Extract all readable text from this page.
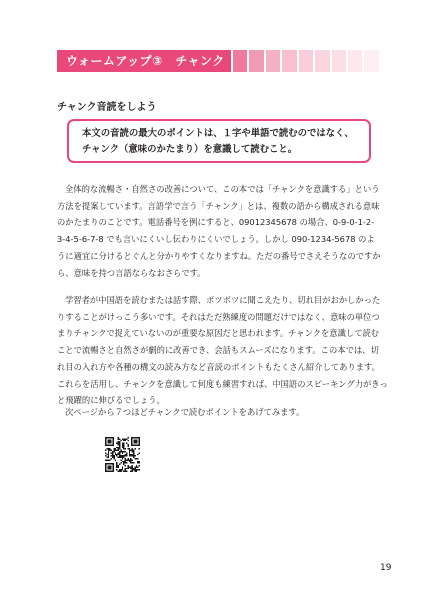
ウォームアップ③　チャンク
チャンク音読をしよう
本文の音読の最大のポイントは、１字や単語で読むのではなく、
チャンク（意味のかたまり）を意識して読むこと。
全体的な流暢さ・自然さの改善について、この本では「チャンクを意識する」という
方法を提案しています。言語学で言う「チャンク」とは、複数の語から構成される意味
のかたまりのことです。電話番号を例にすると、09012345678 の場合、0-9-0-1-2-
3-4-5-6-7-8 でも言いにくいし伝わりにくいでしょう。しかし 090-1234-5678 のよ
うに適宜に分けるとぐんと分かりやすくなりますね。ただの番号でさえそうなのですか
ら、意味を持つ言語ならなおさらです。
学習者が中国語を読むまたは話す際、ボツボツに聞こえたり、切れ目がおかしかった
りすることがけっこう多いです。それはただ熟練度の問題だけではなく、意味の単位つ
まりチャンクで捉えていないのが重要な原因だと思われます。チャンクを意識して読む
ことで流暢さと自然さが劇的に改善でき、会話もスムーズになります。この本では、切
れ目の入れ方や各種の構文の読み方など音読のポイントもたくさん紹介してあります。
これらを活用し、チャンクを意識して何度も練習すれば、中国語のスピーキング力がきっ
と飛躍的に伸びるでしょう。
次ページから７つほどチャンクで読むポイントをあげてみます。
19
